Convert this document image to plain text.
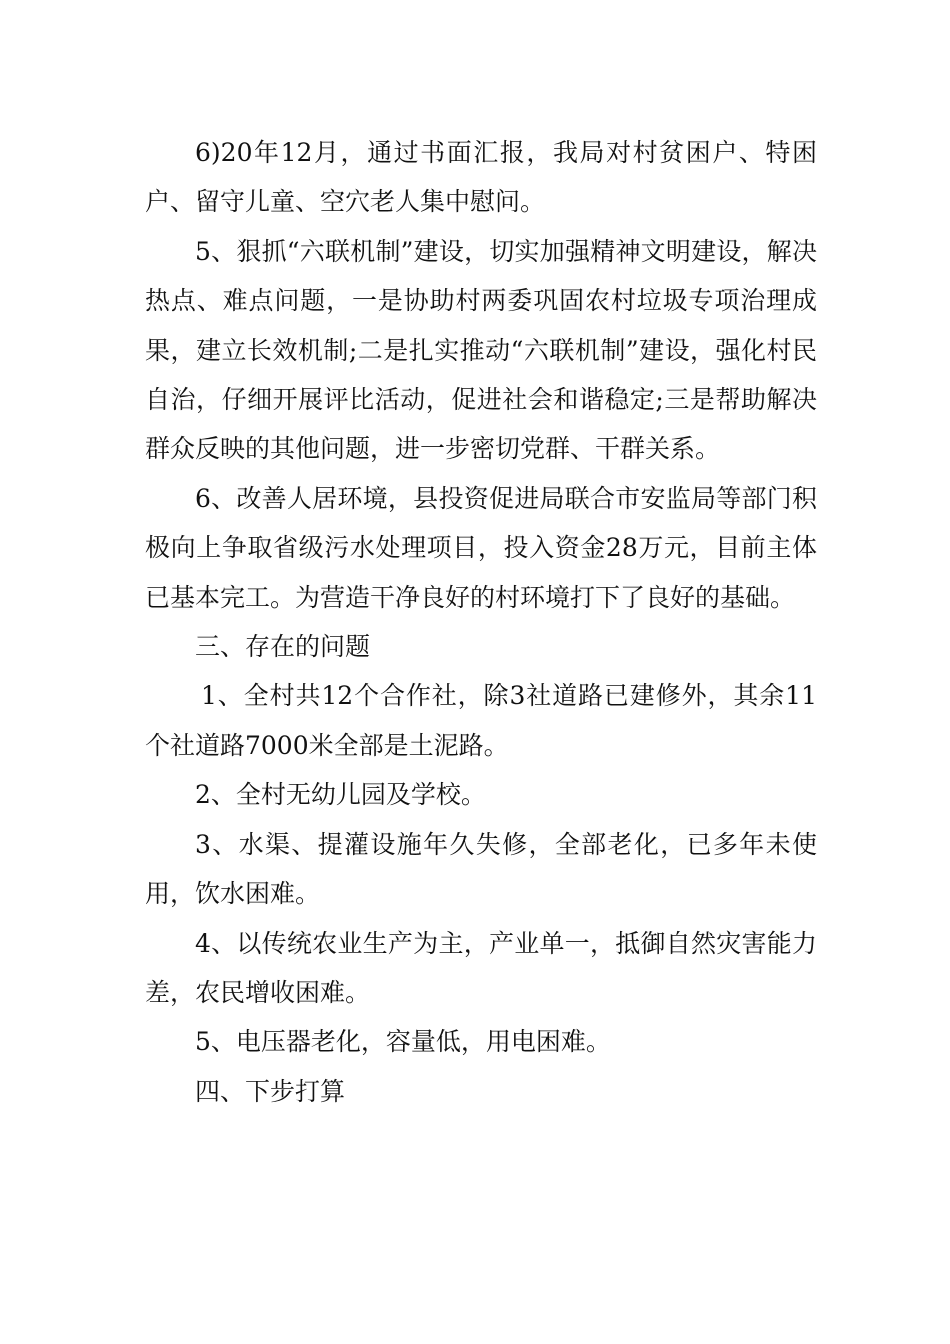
6)20年12月，通过书面汇报，我局对村贫困户、特困户、留守儿童、空穴老人集中慰问。

5、狠抓“六联机制”建设，切实加强精神文明建设，解决热点、难点问题，一是协助村两委巩固农村垃圾专项治理成果，建立长效机制;二是扎实推动“六联机制”建设，强化村民自治，仔细开展评比活动，促进社会和谐稳定;三是帮助解决群众反映的其他问题，进一步密切党群、干群关系。

6、改善人居环境，县投资促进局联合市安监局等部门积极向上争取省级污水处理项目，投入资金28万元，目前主体已基本完工。为营造干净良好的村环境打下了良好的基础。

三、存在的问题

1、全村共12个合作社，除3社道路已建修外，其余11个社道路7000米全部是土泥路。

2、全村无幼儿园及学校。

3、水渠、提灌设施年久失修，全部老化，已多年未使用，饮水困难。

4、以传统农业生产为主，产业单一，抵御自然灾害能力差，农民增收困难。

5、电压器老化，容量低，用电困难。

四、下步打算
